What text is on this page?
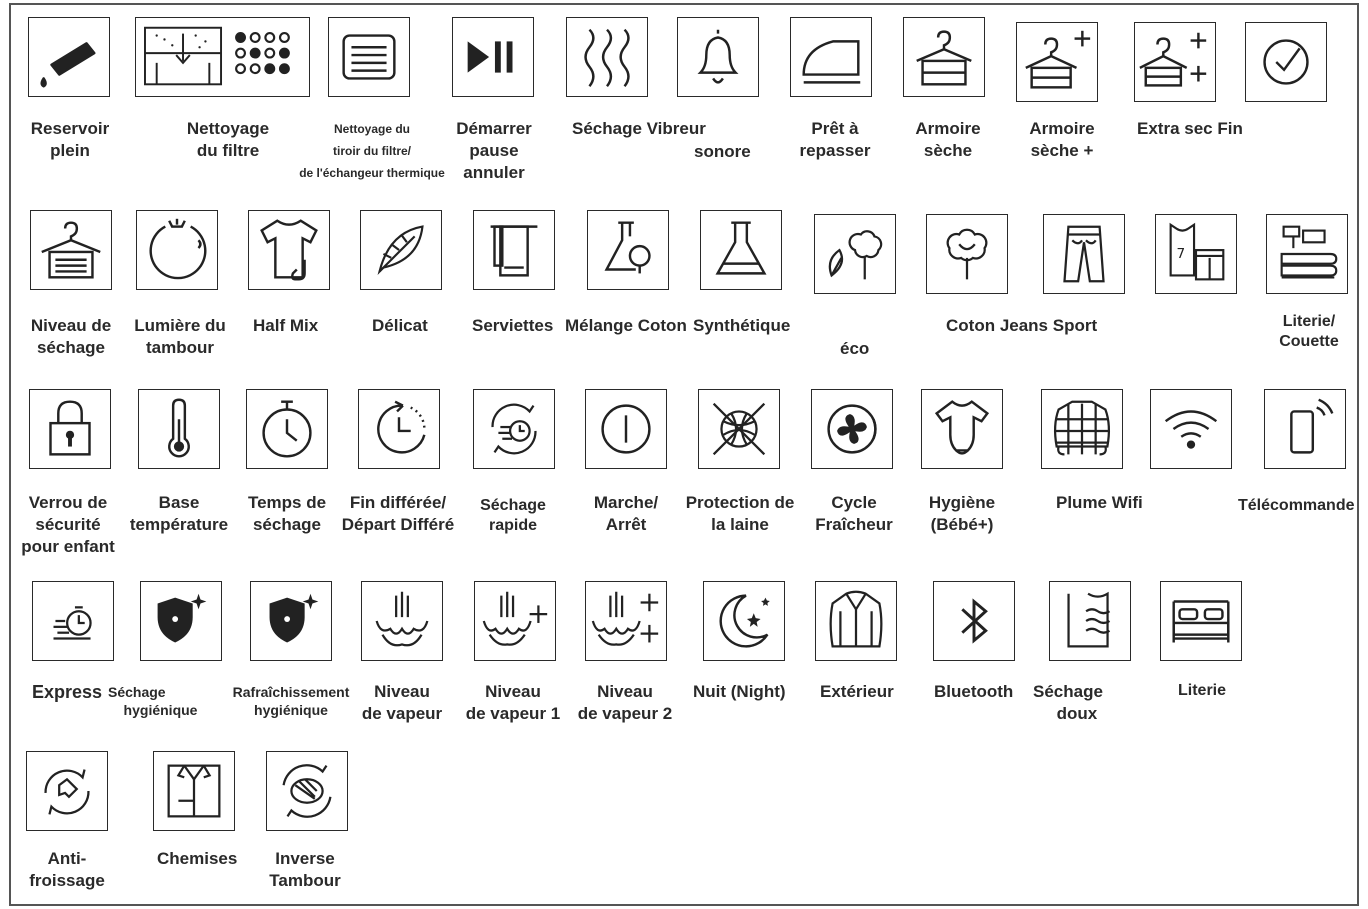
Reservoir
plein
Nettoyage
du filtre
Nettoyage du
tiroir du filtre/
de l'échangeur thermique
Démarrer
pause
annuler
Séchage Vibreur
sonore
Prêt à
repasser
Armoire
sèche
Armoire
sèche +
Extra sec Fin
7
Niveau de
séchage
Lumière du
tambour
Half Mix	Délicat	Serviettes Mélange Coton Synthétique
éco
Coton Jeans Sport	Literie/
Couette
Verrou de
sécurité
pour enfant
Base
température
Temps de
séchage
Fin différée/
Départ Différé
Séchage
rapide
Marche/
Arrêt
Protection de
la laine
Cycle
Fraîcheur
Hygiène
(Bébé+)
Plume Wifi	Télécommande
Express Séchage
hygiénique
Rafraîchissement
hygiénique
Niveau
de vapeur
Niveau
de vapeur 1
Niveau
de vapeur 2
Nuit (Night) Extérieur Bluetooth Séchage
doux
Literie
Anti-
froissage
Chemises	Inverse
Tambour
